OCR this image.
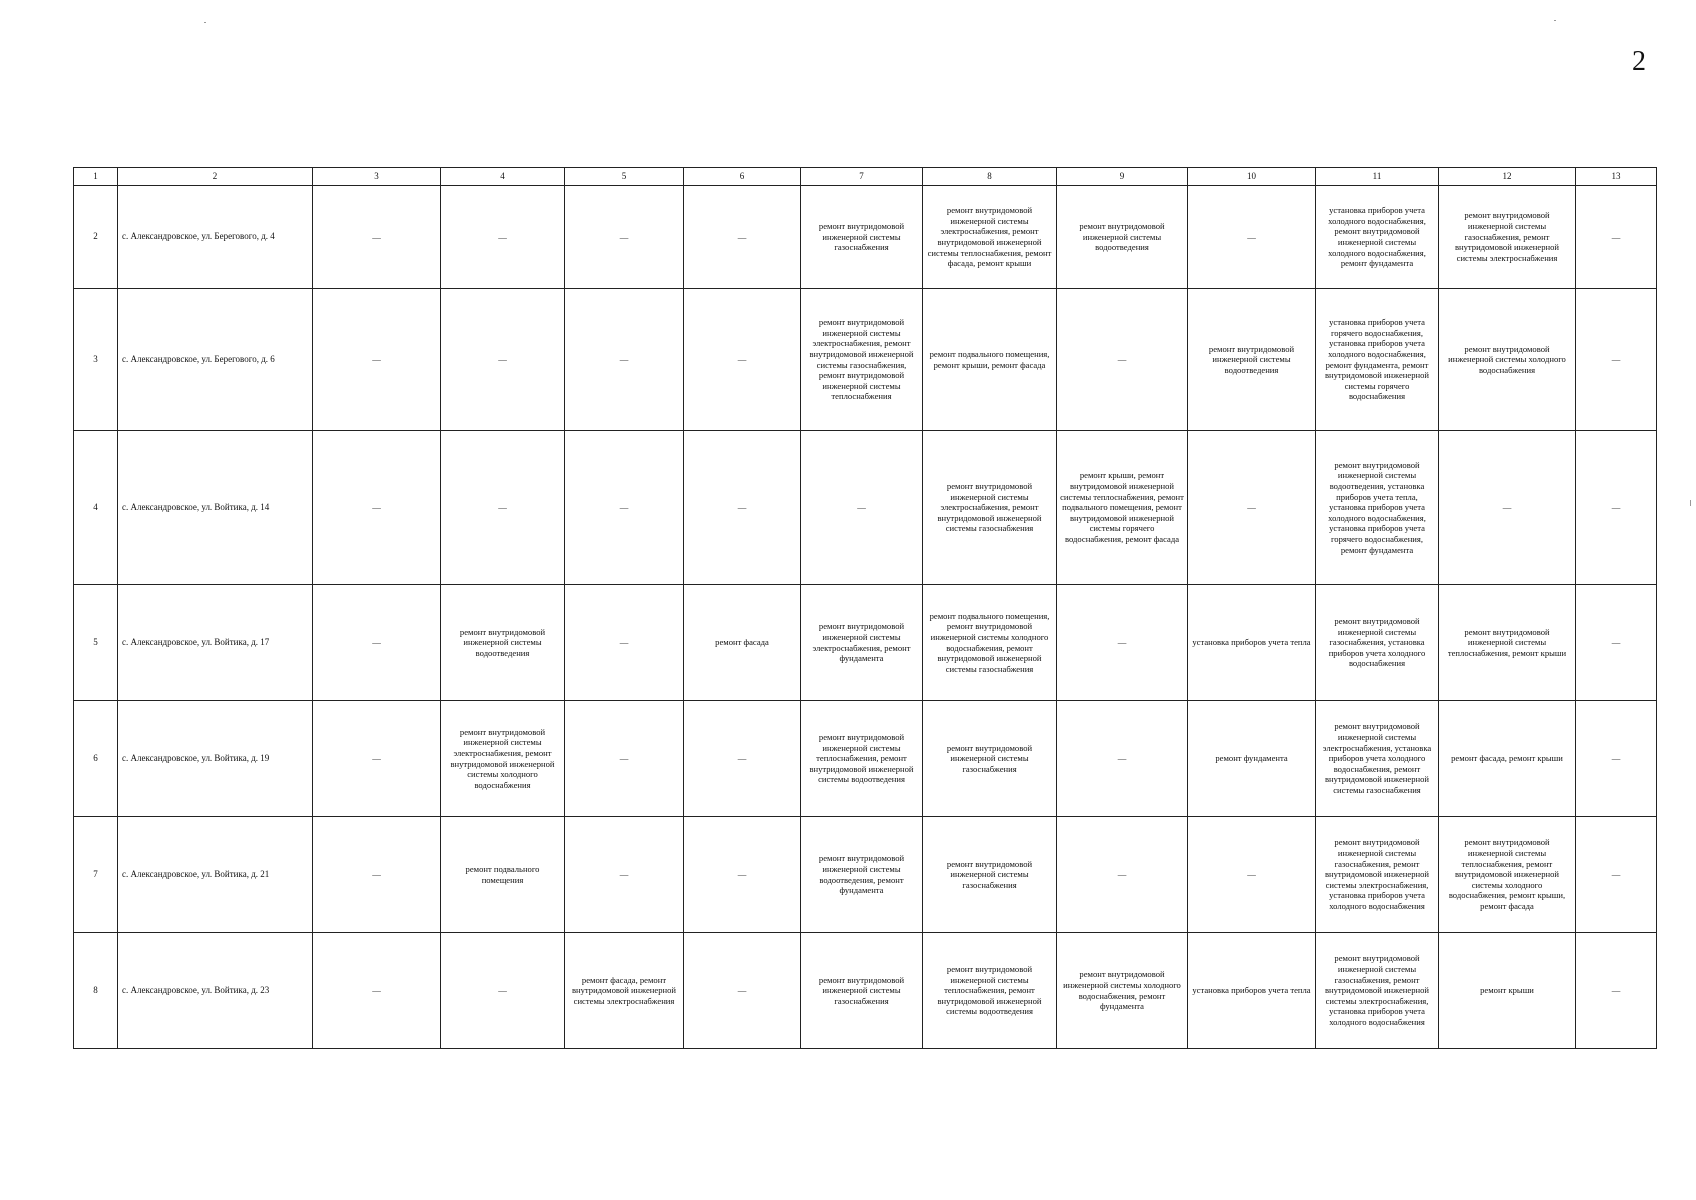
2
1	2	3	4	5	6	7	8	9	10	11	12	13

2	с. Александровское, ул. Берегового, д. 4	—	—	—	—	ремонт внутридомовой инженерной системы газоснабжения	ремонт внутридомовой инженерной системы электроснабжения, ремонт внутридомовой инженерной системы теплоснабжения, ремонт фасада, ремонт крыши	ремонт внутридомовой инженерной системы водоотведения	—	установка приборов учета холодного водоснабжения, ремонт внутридомовой инженерной системы холодного водоснабжения, ремонт фундамента	ремонт внутридомовой инженерной системы газоснабжения, ремонт внутридомовой инженерной системы электроснабжения	—

3	с. Александровское, ул. Берегового, д. 6	—	—	—	—	ремонт внутридомовой инженерной системы электроснабжения, ремонт внутридомовой инженерной системы газоснабжения, ремонт внутридомовой инженерной системы теплоснабжения	ремонт подвального помещения, ремонт крыши, ремонт фасада	—	ремонт внутридомовой инженерной системы водоотведения	установка приборов учета горячего водоснабжения, установка приборов учета холодного водоснабжения, ремонт фундамента, ремонт внутридомовой инженерной системы горячего водоснабжения	ремонт внутридомовой инженерной системы холодного водоснабжения	—

4	с. Александровское, ул. Войтика, д. 14	—	—	—	—	—	ремонт внутридомовой инженерной системы электроснабжения, ремонт внутридомовой инженерной системы газоснабжения	ремонт крыши, ремонт внутридомовой инженерной системы теплоснабжения, ремонт подвального помещения, ремонт внутридомовой инженерной системы горячего водоснабжения, ремонт фасада	—	ремонт внутридомовой инженерной системы водоотведения, установка приборов учета тепла, установка приборов учета холодного водоснабжения, установка приборов учета горячего водоснабжения, ремонт фундамента	—	—

5	с. Александровское, ул. Войтика, д. 17	—	ремонт внутридомовой инженерной системы водоотведения	—	ремонт фасада	ремонт внутридомовой инженерной системы электроснабжения, ремонт фундамента	ремонт подвального помещения, ремонт внутридомовой инженерной системы холодного водоснабжения, ремонт внутридомовой инженерной системы газоснабжения	—	установка приборов учета тепла	ремонт внутридомовой инженерной системы газоснабжения, установка приборов учета холодного водоснабжения	ремонт внутридомовой инженерной системы теплоснабжения, ремонт крыши	—

6	с. Александровское, ул. Войтика, д. 19	—	ремонт внутридомовой инженерной системы электроснабжения, ремонт внутридомовой инженерной системы холодного водоснабжения	—	—	ремонт внутридомовой инженерной системы теплоснабжения, ремонт внутридомовой инженерной системы водоотведения	ремонт внутридомовой инженерной системы газоснабжения	—	ремонт фундамента	ремонт внутридомовой инженерной системы электроснабжения, установка приборов учета холодного водоснабжения, ремонт внутридомовой инженерной системы газоснабжения	ремонт фасада, ремонт крыши	—

7	с. Александровское, ул. Войтика, д. 21	—	ремонт подвального помещения	—	—	ремонт внутридомовой инженерной системы водоотведения, ремонт фундамента	ремонт внутридомовой инженерной системы газоснабжения	—	—	ремонт внутридомовой инженерной системы газоснабжения, ремонт внутридомовой инженерной системы электроснабжения, установка приборов учета холодного водоснабжения	ремонт внутридомовой инженерной системы теплоснабжения, ремонт внутридомовой инженерной системы холодного водоснабжения, ремонт крыши, ремонт фасада	—

8	с. Александровское, ул. Войтика, д. 23	—	—	ремонт фасада, ремонт внутридомовой инженерной системы электроснабжения	—	ремонт внутридомовой инженерной системы газоснабжения	ремонт внутридомовой инженерной системы теплоснабжения, ремонт внутридомовой инженерной системы водоотведения	ремонт внутридомовой инженерной системы холодного водоснабжения, ремонт фундамента	установка приборов учета тепла	ремонт внутридомовой инженерной системы газоснабжения, ремонт внутридомовой инженерной системы электроснабжения, установка приборов учета холодного водоснабжения	ремонт крыши	—
